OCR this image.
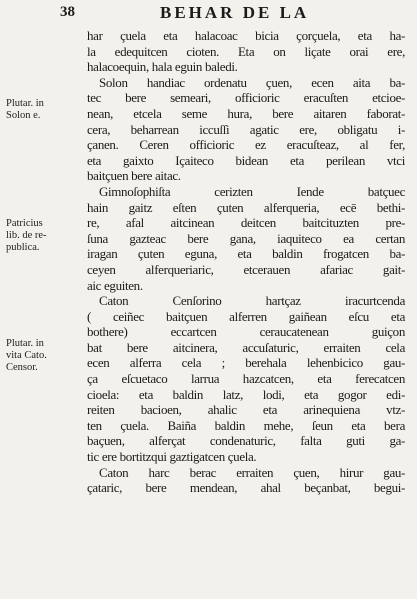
38	BEHAR DE LA
Plutar. in
Solon e.
Patricius
lib. de re-
publica.
Plutar. in
vita Cato.
Censor.
har çuela eta halacoac bicia çorçuela, eta ha-
la edequitcen cioten. Eta on liçate orai ere,
halacoequin, hala eguin baledi.
Solon handiac ordenatu çuen, ecen aita ba-
tec bere semeari, officioric eracuſten etcioe-
nean, etcela seme hura, bere aitaren faborat-
cera, beharrean iccuſſi agatic ere, obligatu i-
çanen. Ceren officioric ez eracuſteaz, al fer,
eta gaixto Içaiteco bidean eta perilean vtci
baitçuen bere aitac.
Gimnoſophiſta cerizten Iende batçuec
hain gaitz eſten çuten alferqueria, ecē bethi-
re, afal aitcinean deitcen baitcituzten pre-
ſuna gazteac bere gana, iaquiteco ea certan
iragan çuten eguna, eta baldin frogatcen ba-
ceyen alferqueriaric, etcerauen afariac gait-
aic eguiten.
Caton Cenſorino hartçaz iracurtcenda
( ceiñec baitçuen alferren gaiñean eſcu eta
bothere) eccartcen ceraucatenean guiçon
bat bere aitcinera, accuſaturic, erraiten cela
ecen alferra cela ; berehala lehenbicico gau-
ça eſcuetaco larrua hazcatcen, eta ferecatcen
cioela: eta baldin latz, lodi, eta gogor edi-
reiten bacioen, ahalic eta arinequiena vtz-
ten çuela. Baiña baldin mehe, ſeun eta bera
baçuen, alferçat condenaturic, falta guti ga-
tic ere bortitzqui gaztigatcen çuela.
Caton harc berac erraiten çuen, hirur gau-
çataric, bere mendean, ahal beçanbat, begui-
